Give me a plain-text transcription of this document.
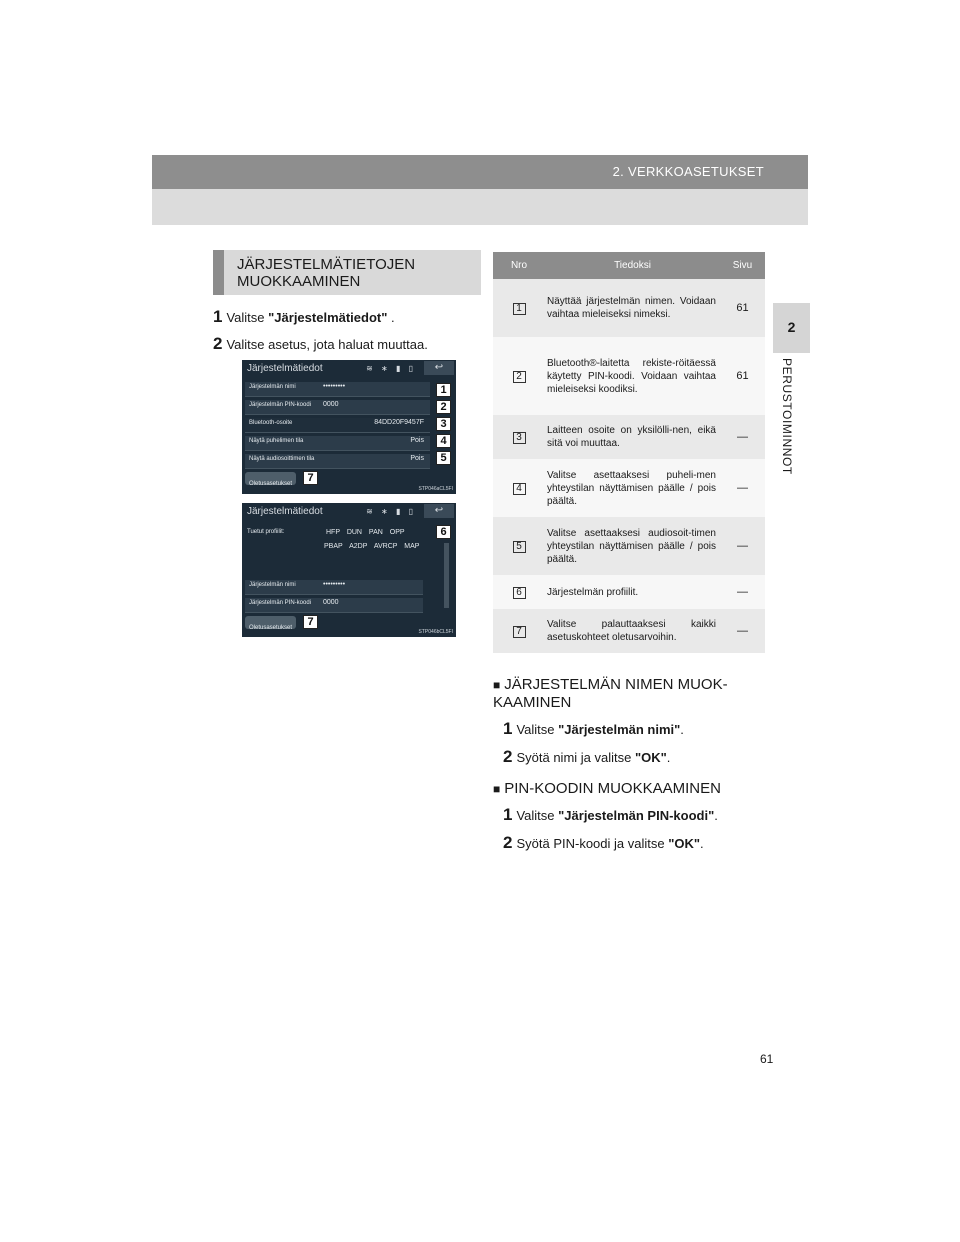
2. VERKKOASETUKSET
2
PERUSTOIMINNOT
JÄRJESTELMÄTIETOJEN MUOKKAAMINEN
1 Valitse "Järjestelmätiedot" .
2 Valitse asetus, jota haluat muuttaa.
Järjestelmätiedot	≋ ∗ ▮ ▯	↩
Järjestelmän nimi	•••••••••
Järjestelmän PIN-koodi 0000
Bluetooth-osoite	84DD20F9457F
Näytä puhelimen tila	Pois
Näytä audiosoittimen tila	Pois
Oletusasetukset
1
2
3
4
5
7
STP046aCL5FI
Järjestelmätiedot	≋ ∗ ▮ ▯	↩
Tuetut profiilit:	HFP DUN PAN OPP
PBAP A2DP AVRCP MAP
Järjestelmän nimi	•••••••••
Järjestelmän PIN-koodi 0000
Oletusasetukset
6
7
STP046bCL5FI
Nro	Tiedoksi	Sivu
1	Näyttää järjestelmän nimen. Voidaan vaihtaa mieleiseksi nimeksi.	61
2	Bluetooth®-laitetta rekiste-röitäessä käytetty PIN-koodi. Voidaan vaihtaa mieleiseksi koodiksi.	61
3	Laitteen osoite on yksilölli-nen, eikä sitä voi muuttaa.	—
4	Valitse asettaaksesi puheli-men yhteystilan näyttämisen päälle / pois päältä.	—
5	Valitse asettaaksesi audiosoit-timen yhteystilan näyttämisen päälle / pois päältä.	—
6	Järjestelmän profiilit.	—
7	Valitse palauttaaksesi kaikki asetuskohteet oletusarvoihin.	—
■ JÄRJESTELMÄN NIMEN MUOK-KAAMINEN
1 Valitse "Järjestelmän nimi".
2 Syötä nimi ja valitse "OK".
■ PIN-KOODIN MUOKKAAMINEN
1 Valitse "Järjestelmän PIN-koodi".
2 Syötä PIN-koodi ja valitse "OK".
61
